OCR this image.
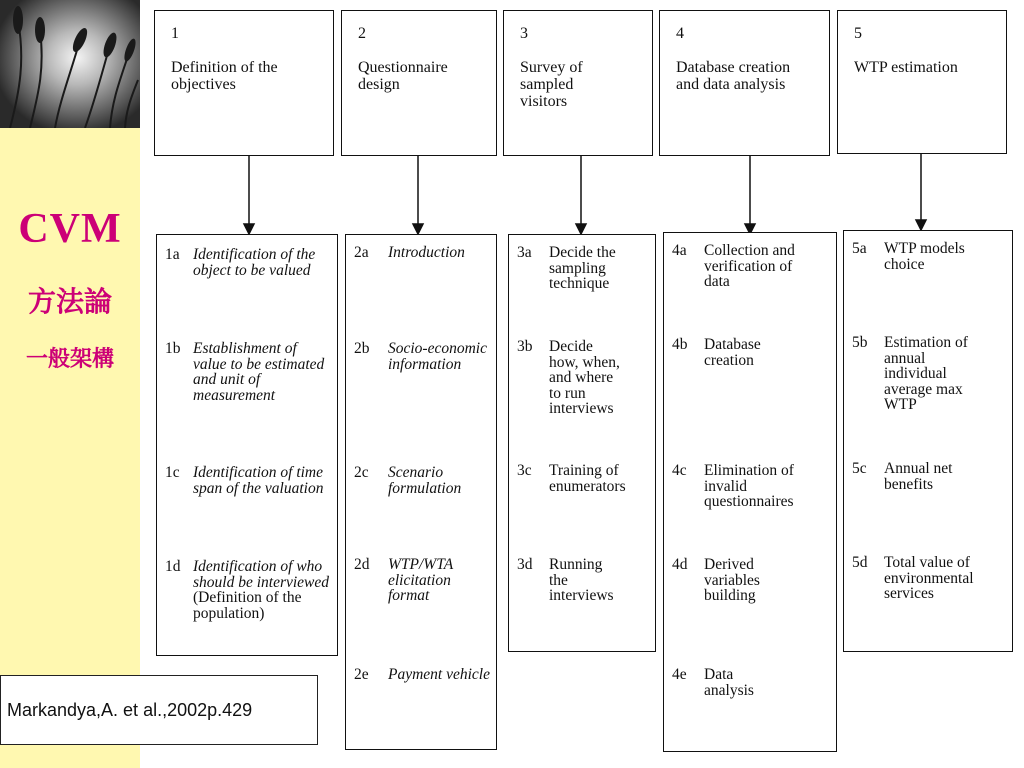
CVM
方法論
一般架構
1
Definition of the objectives
2
Questionnaire design
3
Survey of sampled visitors
4
Database creation and data analysis
5
WTP estimation
1a Identification of the object to be valued
1b Establishment of value to be estimated and unit of measurement
1c Identification of time span of the valuation
1d Identification of who should be interviewed (Definition of the population)
2a	Introduction
2b	Socio-economic information
2c	Scenario formulation
2d	WTP/WTA elicitation format
2e	Payment vehicle
3a	Decide the sampling technique
3b	Decide how, when, and where to run interviews
3c	Training of enumerators
3d	Running the interviews
4a	Collection and verification of data
4b	Database creation
4c	Elimination of invalid questionnaires
4d	Derived variables building
4e	Data analysis
5a	WTP models choice
5b	Estimation of annual individual average max WTP
5c	Annual net benefits
5d	Total value of environmental services
Markandya,A. et al.,2002p.429
